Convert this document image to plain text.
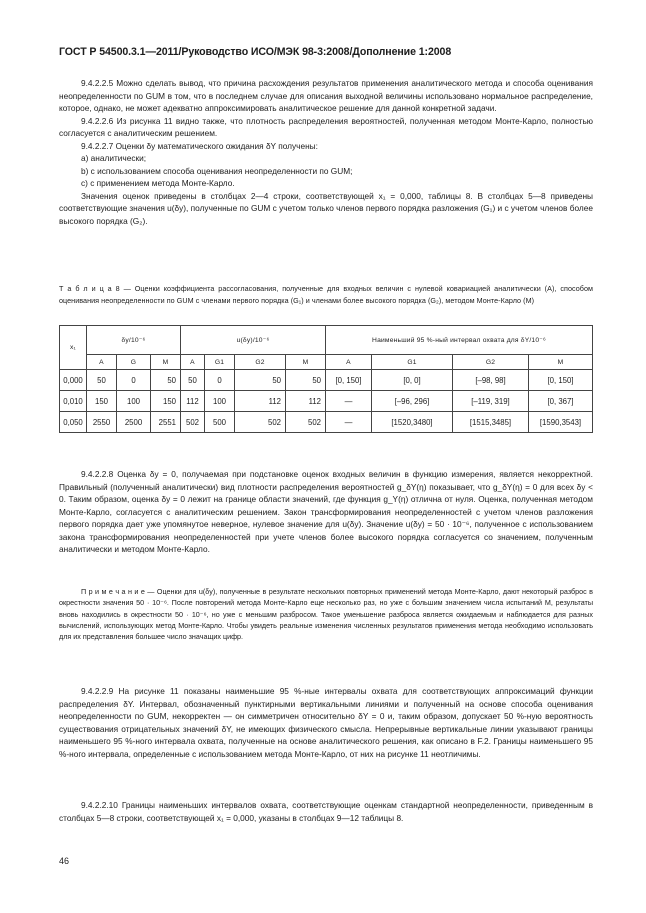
ГОСТ Р 54500.3.1—2011/Руководство ИСО/МЭК 98-3:2008/Дополнение 1:2008

9.4.2.2.5 Можно сделать вывод, что причина расхождения результатов применения аналитического метода и способа оценивания неопределенности по GUM в том, что в последнем случае для описания выходной величины использовано нормальное распределение, которое, однако, не может адекватно аппроксимировать аналитическое решение для данной конкретной задачи.

9.4.2.2.6 Из рисунка 11 видно также, что плотность распределения вероятностей, полученная методом Монте-Карло, полностью согласуется с аналитическим решением.

9.4.2.2.7 Оценки δy математического ожидания δY получены:

a) аналитически;

b) с использованием способа оценивания неопределенности по GUM;

c) с применением метода Монте-Карло.

Значения оценок приведены в столбцах 2—4 строки, соответствующей x₁ = 0,000, таблицы 8. В столбцах 5—8 приведены соответствующие значения u(δy), полученные по GUM с учетом только членов первого порядка разложения (G₁) и с учетом членов более высокого порядка (G₂).

Т а б л и ц а 8 — Оценки коэффициента рассогласования, полученные для входных величин с нулевой ковариацией аналитически (A), способом оценивания неопределенности по GUM с членами первого порядка (G₁) и членами более высокого порядка (G₂), методом Монте-Карло (M)
x₁	δy/10⁻⁶			u(δy)/10⁻⁶				Наименьший 95 %-ный интервал охвата для δY/10⁻⁶			
	A	G	M	A	G1	G2	M	A	G1	G2	M
0,000	50	0	50	50	0	50	50	[0, 150]	[0, 0]	[–98, 98]	[0, 150]
0,010	150	100	150	112	100	112	112	—	[–96, 296]	[–119, 319]	[0, 367]
0,050	2550	2500	2551	502	500	502	502	—	[1520,3480]	[1515,3485]	[1590,3543]

9.4.2.2.8 Оценка δy = 0, получаемая при подстановке оценок входных величин в функцию измерения, является некорректной. Правильный (полученный аналитически) вид плотности распределения вероятностей g_δY(η) показывает, что g_δY(η) = 0 для всех δy < 0. Таким образом, оценка δy = 0 лежит на границе области значений, где функция g_Y(η) отлична от нуля. Оценка, полученная методом Монте-Карло, согласуется с аналитическим решением. Закон трансформирования неопределенностей с учетом членов разложения первого порядка дает уже упомянутое неверное, нулевое значение для u(δy). Значение u(δy) = 50 · 10⁻⁶, полученное с использованием закона трансформирования неопределенностей при учете членов более высокого порядка согласуется со значением, полученным аналитически и методом Монте-Карло.

П р и м е ч а н и е — Оценки для u(δy), полученные в результате нескольких повторных применений метода Монте-Карло, дают некоторый разброс в окрестности значения 50 · 10⁻⁶. После повторений метода Монте-Карло еще несколько раз, но уже с большим значением числа испытаний M, результаты вновь находились в окрестности 50 · 10⁻⁶, но уже с меньшим разбросом. Такое уменьшение разброса является ожидаемым и наблюдается для разных вычислений, использующих метод Монте-Карло. Чтобы увидеть реальные изменения численных результатов применения метода необходимо использовать для их представления большее число значащих цифр.

9.4.2.2.9 На рисунке 11 показаны наименьшие 95 %-ные интервалы охвата для соответствующих аппроксимаций функции распределения δY. Интервал, обозначенный пунктирными вертикальными линиями и полученный на основе способа оценивания неопределенности по GUM, некорректен — он симметричен относительно δY = 0 и, таким образом, допускает 50 %-ную вероятность существования отрицательных значений δY, не имеющих физического смысла. Непрерывные вертикальные линии указывают границы наименьшего 95 %-ного интервала охвата, полученные на основе аналитического решения, как описано в F.2. Границы наименьшего 95 %-ного интервала, определенные с использованием метода Монте-Карло, от них на рисунке 11 неотличимы.

9.4.2.2.10 Границы наименьших интервалов охвата, соответствующие оценкам стандартной неопределенности, приведенным в столбцах 5—8 строки, соответствующей x₁ = 0,000, указаны в столбцах 9—12 таблицы 8.

46
